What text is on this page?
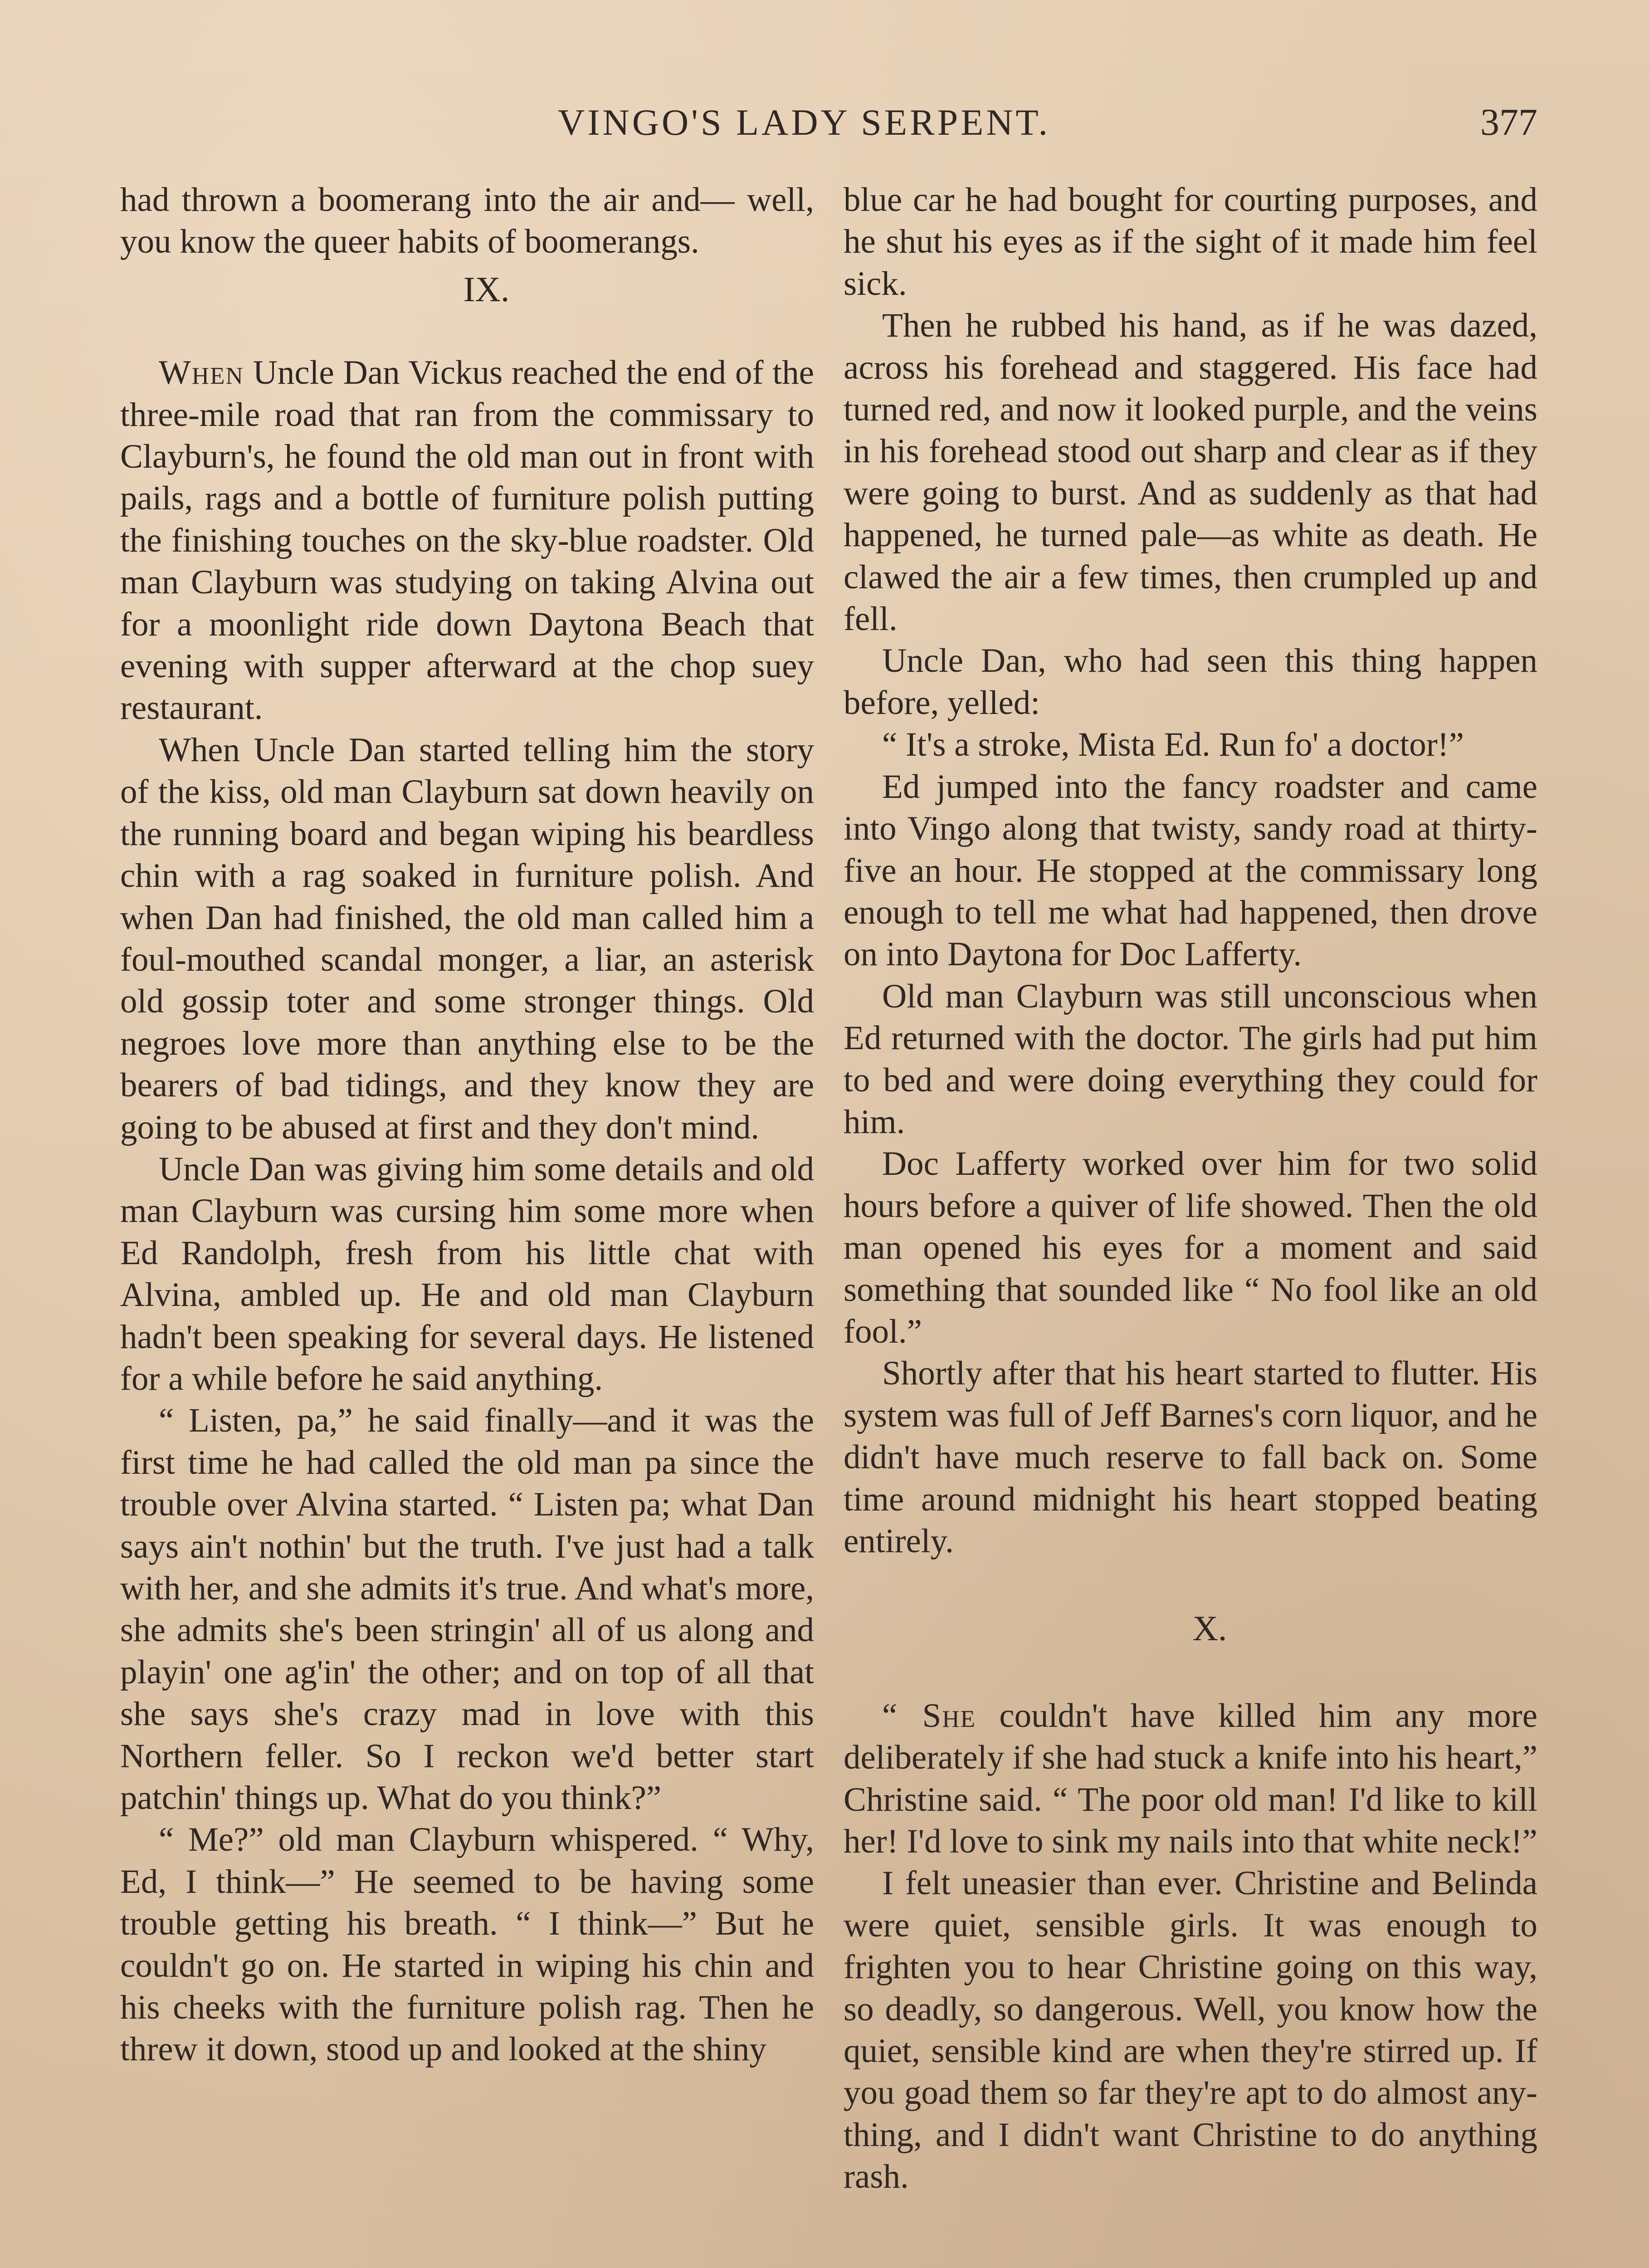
VINGO'S LADY SERPENT.	377

had thrown a boomerang into the air and— well, you know the queer habits of boomerangs.

IX.

When Uncle Dan Vickus reached the end of the three-mile road that ran from the commissary to Clayburn's, he found the old man out in front with pails, rags and a bottle of furniture polish putting the finishing touches on the sky-blue roadster. Old man Clayburn was studying on taking Alvina out for a moonlight ride down Daytona Beach that evening with supper afterward at the chop suey restaurant.

When Uncle Dan started telling him the story of the kiss, old man Clayburn sat down heavily on the running board and began wiping his beardless chin with a rag soaked in furniture polish. And when Dan had finished, the old man called him a foul-mouthed scandal monger, a liar, an asterisk old gossip toter and some stronger things. Old negroes love more than anything else to be the bearers of bad tidings, and they know they are going to be abused at first and they don't mind.

Uncle Dan was giving him some details and old man Clayburn was cursing him some more when Ed Randolph, fresh from his little chat with Alvina, ambled up. He and old man Clayburn hadn't been speaking for several days. He listened for a while before he said anything.

“ Listen, pa,” he said finally—and it was the first time he had called the old man pa since the trouble over Alvina started. “ Listen pa; what Dan says ain't nothin' but the truth. I've just had a talk with her, and she admits it's true. And what's more, she admits she's been stringin' all of us along and playin' one ag'in' the other; and on top of all that she says she's crazy mad in love with this Northern feller. So I reckon we'd better start patchin' things up. What do you think?”

“ Me?” old man Clayburn whispered. “ Why, Ed, I think—” He seemed to be having some trouble getting his breath. “ I think—” But he couldn't go on. He started in wiping his chin and his cheeks with the furniture polish rag. Then he threw it down, stood up and looked at the shiny

blue car he had bought for courting purposes, and he shut his eyes as if the sight of it made him feel sick.

Then he rubbed his hand, as if he was dazed, across his forehead and staggered. His face had turned red, and now it looked purple, and the veins in his forehead stood out sharp and clear as if they were going to burst. And as suddenly as that had happened, he turned pale—as white as death. He clawed the air a few times, then crumpled up and fell.

Uncle Dan, who had seen this thing happen before, yelled:

“ It's a stroke, Mista Ed. Run fo' a doctor!”

Ed jumped into the fancy roadster and came into Vingo along that twisty, sandy road at thirty-five an hour. He stopped at the commissary long enough to tell me what had happened, then drove on into Daytona for Doc Lafferty.

Old man Clayburn was still unconscious when Ed returned with the doctor. The girls had put him to bed and were doing everything they could for him.

Doc Lafferty worked over him for two solid hours before a quiver of life showed. Then the old man opened his eyes for a moment and said something that sounded like “ No fool like an old fool.”

Shortly after that his heart started to flutter. His system was full of Jeff Barnes's corn liquor, and he didn't have much reserve to fall back on. Some time around midnight his heart stopped beating entirely.

X.

“ She couldn't have killed him any more deliberately if she had stuck a knife into his heart,” Christine said. “ The poor old man! I'd like to kill her! I'd love to sink my nails into that white neck!”

I felt uneasier than ever. Christine and Belinda were quiet, sensible girls. It was enough to frighten you to hear Christine going on this way, so deadly, so dangerous. Well, you know how the quiet, sensible kind are when they're stirred up. If you goad them so far they're apt to do almost anything, and I didn't want Christine to do anything rash.
